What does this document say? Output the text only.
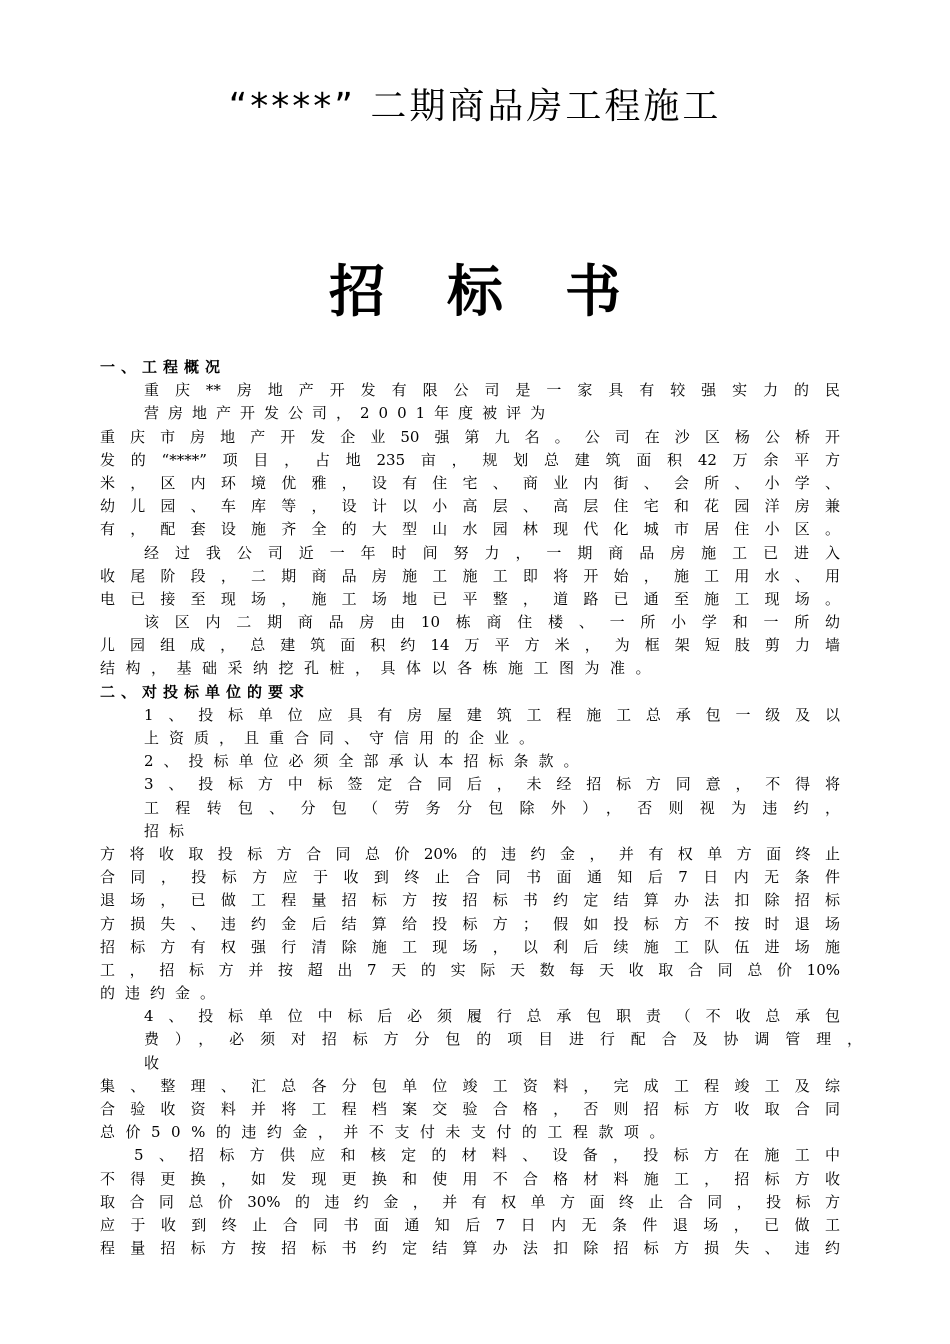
“****” 二期商品房工程施工
招标书
一、工程概况
重庆**房地产开发有限公司是一家具有较强实力的民
营房地产开发公司，2001年度被评为
重庆市房地产开发企业50强第九名。公司在沙区杨公桥开
发的“****”项目，占地235亩，规划总建筑面积42万余平方
米，区内环境优雅，设有住宅、商业内街、会所、小学、
幼儿园、车库等，设计以小高层、高层住宅和花园洋房兼
有，配套设施齐全的大型山水园林现代化城市居住小区。
经过我公司近一年时间努力，一期商品房施工已进入
收尾阶段，二期商品房施工施工即将开始，施工用水、用
电已接至现场，施工场地已平整，道路已通至施工现场。
该区内二期商品房由10栋商住楼、一所小学和一所幼
儿园组成，总建筑面积约14万平方米，为框架短肢剪力墙
结构，基础采纳挖孔桩，具体以各栋施工图为准。
二、对投标单位的要求
1、投标单位应具有房屋建筑工程施工总承包一级及以
上资质，且重合同、守信用的企业。
2、投标单位必须全部承认本招标条款。
3、投标方中标签定合同后，未经招标方同意，不得将
工程转包、分包（劳务分包除外），否则视为违约，
招标
方将收取投标方合同总价20%的违约金，并有权单方面终止
合同，投标方应于收到终止合同书面通知后7日内无条件
退场，已做工程量招标方按招标书约定结算办法扣除招标
方损失、违约金后结算给投标方；假如投标方不按时退场
招标方有权强行清除施工现场，以利后续施工队伍进场施
工，招标方并按超出7天的实际天数每天收取合同总价10%
的违约金。
4、投标单位中标后必须履行总承包职责（不收总承包
费），必须对招标方分包的项目进行配合及协调管理，
收
集、整理、汇总各分包单位竣工资料，完成工程竣工及综
合验收资料并将工程档案交验合格，否则招标方收取合同
总价50%的违约金，并不支付未支付的工程款项。
5、招标方供应和核定的材料、设备，投标方在施工中
不得更换，如发现更换和使用不合格材料施工，招标方收
取合同总价30%的违约金，并有权单方面终止合同，投标方
应于收到终止合同书面通知后7日内无条件退场，已做工
程量招标方按招标书约定结算办法扣除招标方损失、违约
